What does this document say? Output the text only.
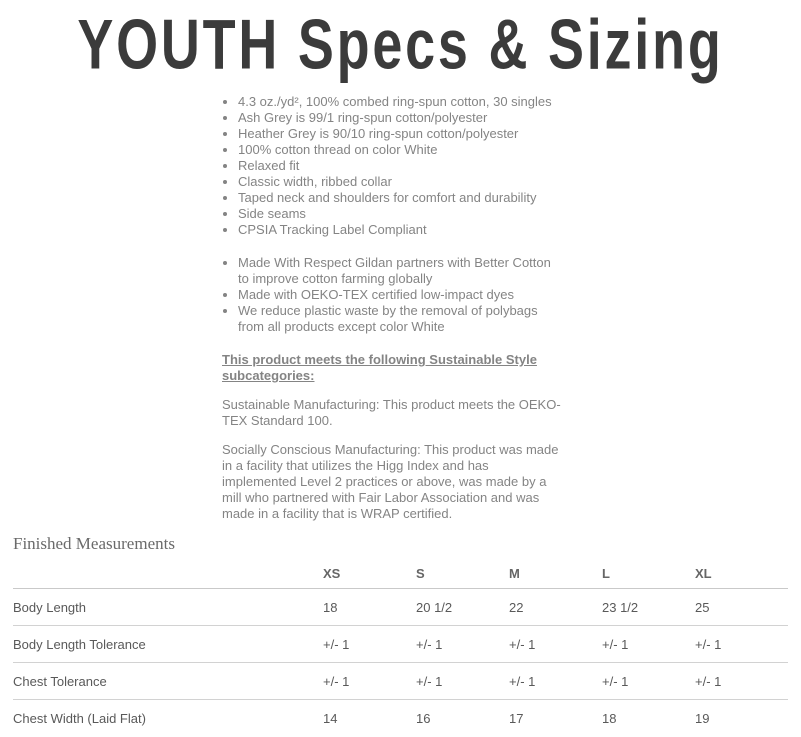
YOUTH Specs & Sizing
• 4.3 oz./yd², 100% combed ring-spun cotton, 30 singles
• Ash Grey is 99/1 ring-spun cotton/polyester
• Heather Grey is 90/10 ring-spun cotton/polyester
• 100% cotton thread on color White
• Relaxed fit
• Classic width, ribbed collar
• Taped neck and shoulders for comfort and durability
• Side seams
• CPSIA Tracking Label Compliant
• Made With Respect Gildan partners with Better Cotton to improve cotton farming globally
• Made with OEKO-TEX certified low-impact dyes
• We reduce plastic waste by the removal of polybags from all products except color White

This product meets the following Sustainable Style subcategories:

Sustainable Manufacturing: This product meets the OEKO-TEX Standard 100.

Socially Conscious Manufacturing: This product was made in a facility that utilizes the Higg Index and has implemented Level 2 practices or above, was made by a mill who partnered with Fair Labor Association and was made in a facility that is WRAP certified.

Finished Measurements
	XS	S	M	L	XL
Body Length	18	20 1/2	22	23 1/2	25
Body Length Tolerance	+/- 1	+/- 1	+/- 1	+/- 1	+/- 1
Chest Tolerance	+/- 1	+/- 1	+/- 1	+/- 1	+/- 1
Chest Width (Laid Flat)	14	16	17	18	19
